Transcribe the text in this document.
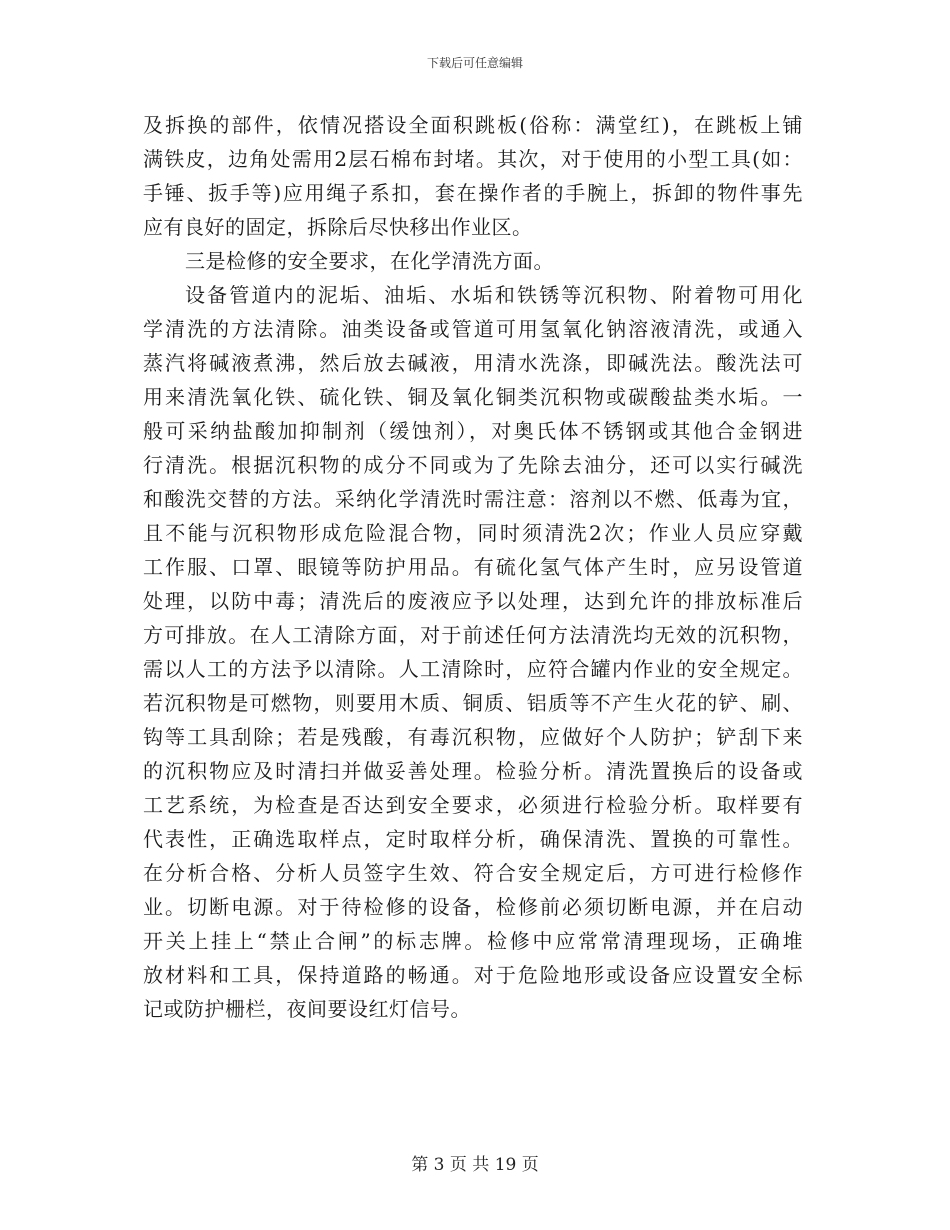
下载后可任意编辑
及拆换的部件，依情况搭设全面积跳板(俗称：满堂红)，在跳板上铺
满铁皮，边角处需用2层石棉布封堵。其次，对于使用的小型工具(如：
手锤、扳手等)应用绳子系扣，套在操作者的手腕上，拆卸的物件事先
应有良好的固定，拆除后尽快移出作业区。
三是检修的安全要求，在化学清洗方面。
设备管道内的泥垢、油垢、水垢和铁锈等沉积物、附着物可用化
学清洗的方法清除。油类设备或管道可用氢氧化钠溶液清洗，或通入
蒸汽将碱液煮沸，然后放去碱液，用清水洗涤，即碱洗法。酸洗法可
用来清洗氧化铁、硫化铁、铜及氧化铜类沉积物或碳酸盐类水垢。一
般可采纳盐酸加抑制剂（缓蚀剂），对奥氏体不锈钢或其他合金钢进
行清洗。根据沉积物的成分不同或为了先除去油分，还可以实行碱洗
和酸洗交替的方法。采纳化学清洗时需注意：溶剂以不燃、低毒为宜，
且不能与沉积物形成危险混合物，同时须清洗2次；作业人员应穿戴
工作服、口罩、眼镜等防护用品。有硫化氢气体产生时，应另设管道
处理，以防中毒；清洗后的废液应予以处理，达到允许的排放标准后
方可排放。在人工清除方面，对于前述任何方法清洗均无效的沉积物，
需以人工的方法予以清除。人工清除时，应符合罐内作业的安全规定。
若沉积物是可燃物，则要用木质、铜质、铝质等不产生火花的铲、刷、
钩等工具刮除；若是残酸，有毒沉积物，应做好个人防护；铲刮下来
的沉积物应及时清扫并做妥善处理。检验分析。清洗置换后的设备或
工艺系统，为检查是否达到安全要求，必须进行检验分析。取样要有
代表性，正确选取样点，定时取样分析，确保清洗、置换的可靠性。
在分析合格、分析人员签字生效、符合安全规定后，方可进行检修作
业。切断电源。对于待检修的设备，检修前必须切断电源，并在启动
开关上挂上“禁止合闸”的标志牌。检修中应常常清理现场，正确堆
放材料和工具，保持道路的畅通。对于危险地形或设备应设置安全标
记或防护栅栏，夜间要设红灯信号。
第 3 页 共 19 页
